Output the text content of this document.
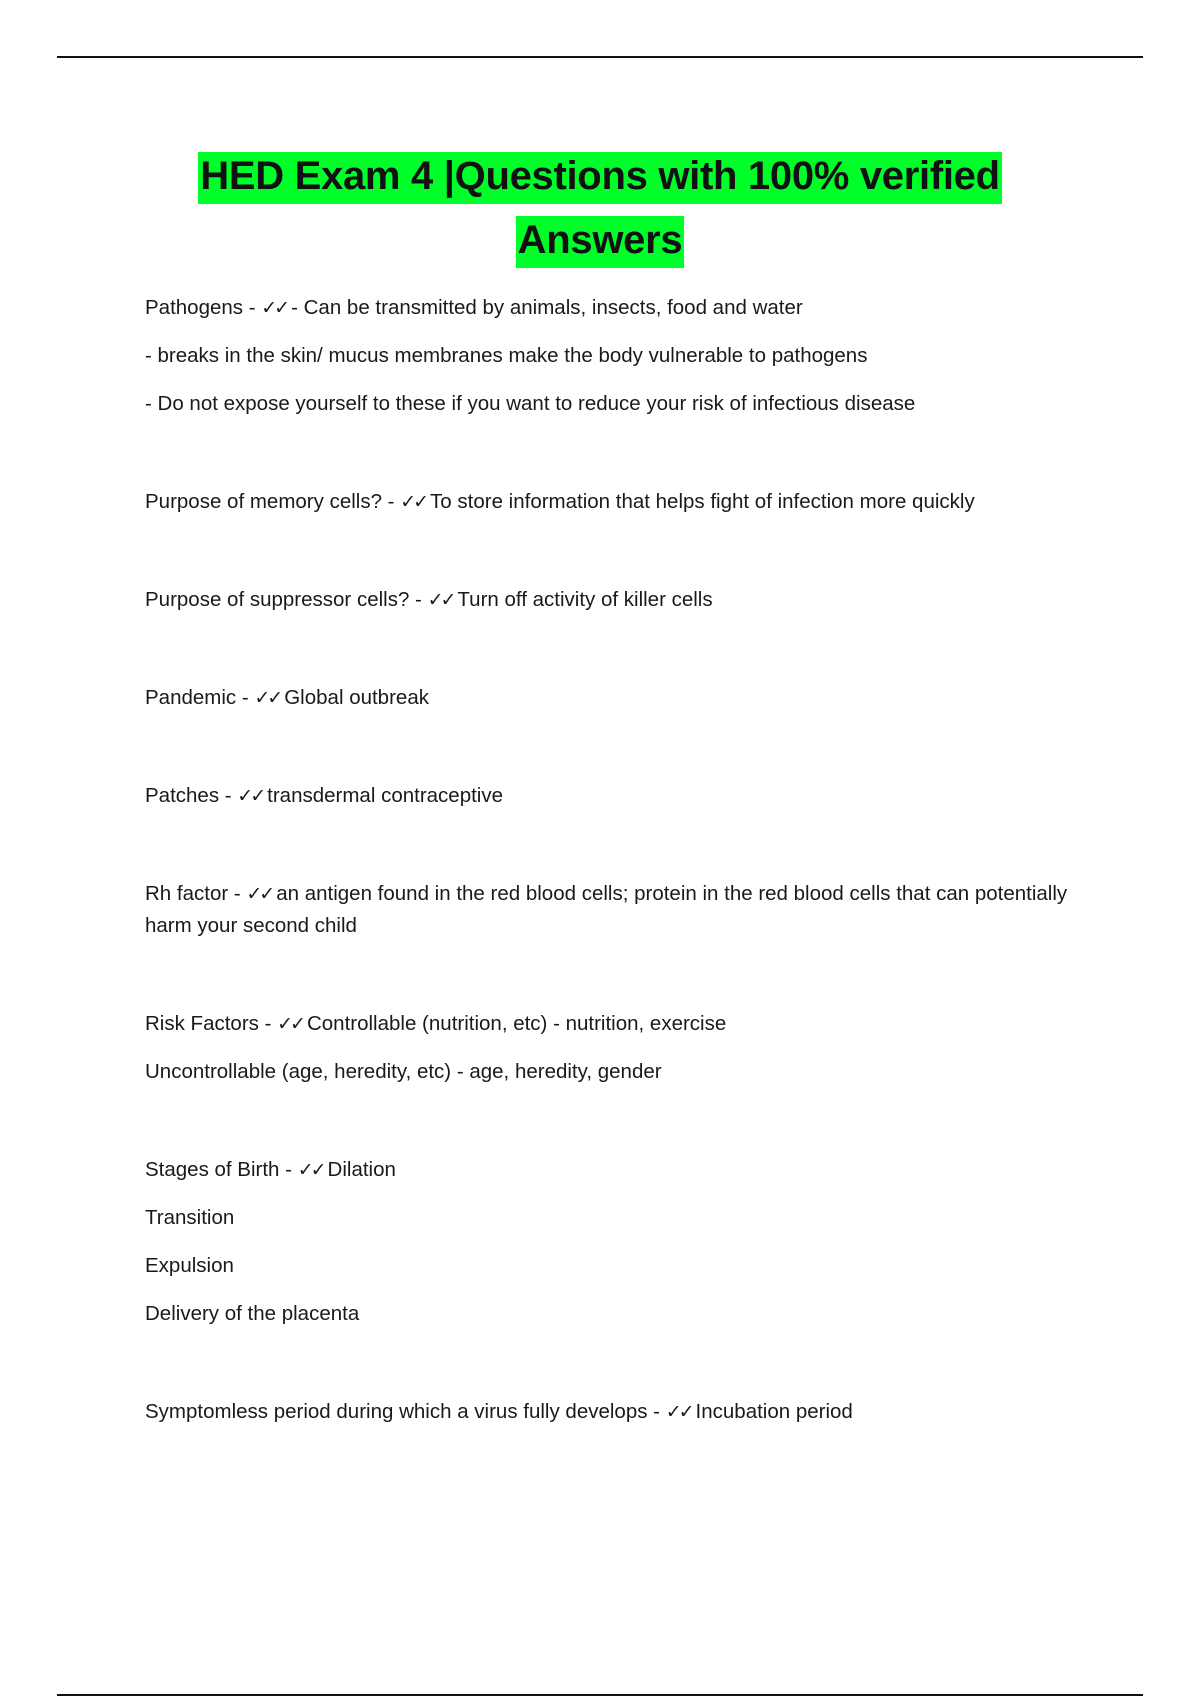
HED Exam 4 |Questions with 100% verified
Answers

Pathogens - ✓✓ - Can be transmitted by animals, insects, food and water

- breaks in the skin/ mucus membranes make the body vulnerable to pathogens

- Do not expose yourself to these if you want to reduce your risk of infectious disease

Purpose of memory cells? - ✓✓ To store information that helps fight of infection more quickly

Purpose of suppressor cells? - ✓✓ Turn off activity of killer cells

Pandemic - ✓✓ Global outbreak

Patches - ✓✓ transdermal contraceptive

Rh factor - ✓✓ an antigen found in the red blood cells; protein in the red blood cells that can potentially harm your second child

Risk Factors - ✓✓ Controllable (nutrition, etc) - nutrition, exercise

Uncontrollable (age, heredity, etc) - age, heredity, gender

Stages of Birth - ✓✓ Dilation

Transition

Expulsion

Delivery of the placenta

Symptomless period during which a virus fully develops - ✓✓ Incubation period
